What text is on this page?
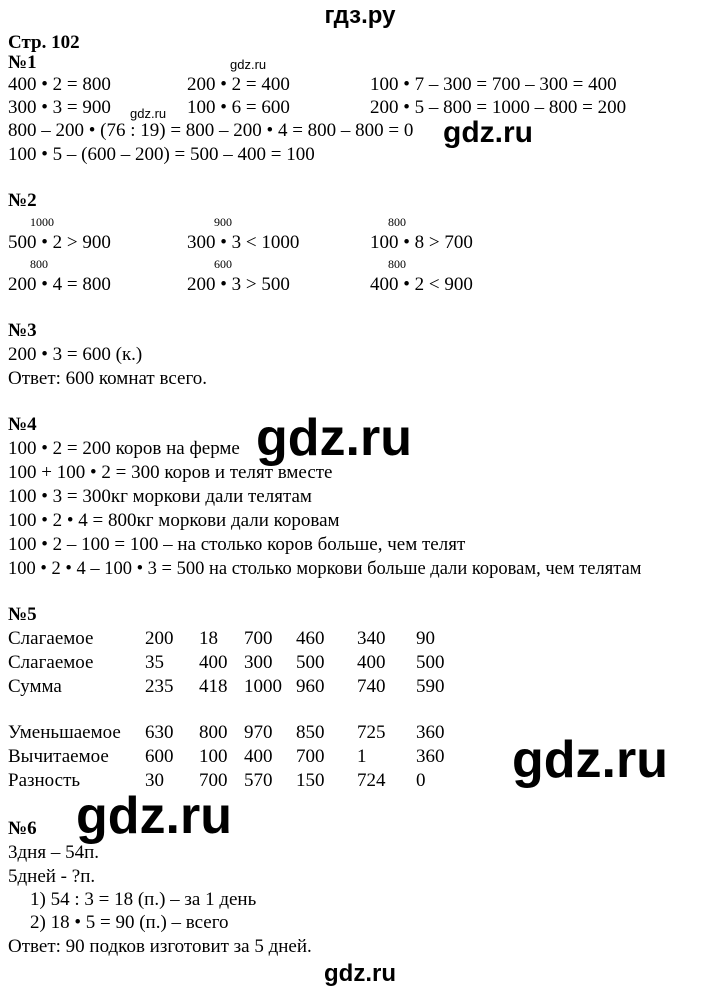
гдз.ру
gdz.ru
gdz.ru
gdz.ru
gdz.ru
gdz.ru
gdz.ru
Стр. 102
№1
400 • 2 = 800	200 • 2 = 400	100 • 7 – 300 = 700 – 300 = 400
300 • 3 = 900	100 • 6 = 600	200 • 5 – 800 = 1000 – 800 = 200
800 – 200 • (76 : 19) = 800 – 200 • 4 = 800 – 800 = 0
100 • 5 – (600 – 200) = 500 – 400 = 100
№2
1000	900	800
500 • 2 > 900	300 • 3 < 1000	100 • 8 > 700
800	600	800
200 • 4 = 800	200 • 3 > 500	400 • 2 < 900
№3
200 • 3 = 600 (к.)
Ответ: 600 комнат всего.
№4
100 • 2 = 200 коров на ферме
100 + 100 • 2 = 300 коров и телят вместе
100 • 3 = 300кг моркови дали телятам
100 • 2 • 4 = 800кг моркови дали коровам
100 • 2 – 100 = 100 – на столько коров больше, чем телят
100 • 2 • 4 – 100 • 3 = 500 на столько моркови больше дали коровам, чем телятам
№5
Слагаемое	200 18 700 460 340 90
Слагаемое	35 400 300 500 400 500
Сумма	235 418 1000 960 740 590
Уменьшаемое 630 800 970 850 725 360
Вычитаемое 600 100 400 700 1	360
Разность	30 700 570 150 724 0
№6
3дня – 54п.
5дней - ?п.
1) 54 : 3 = 18 (п.) – за 1 день
2) 18 • 5 = 90 (п.) – всего
Ответ: 90 подков изготовит за 5 дней.
gdz.ru
